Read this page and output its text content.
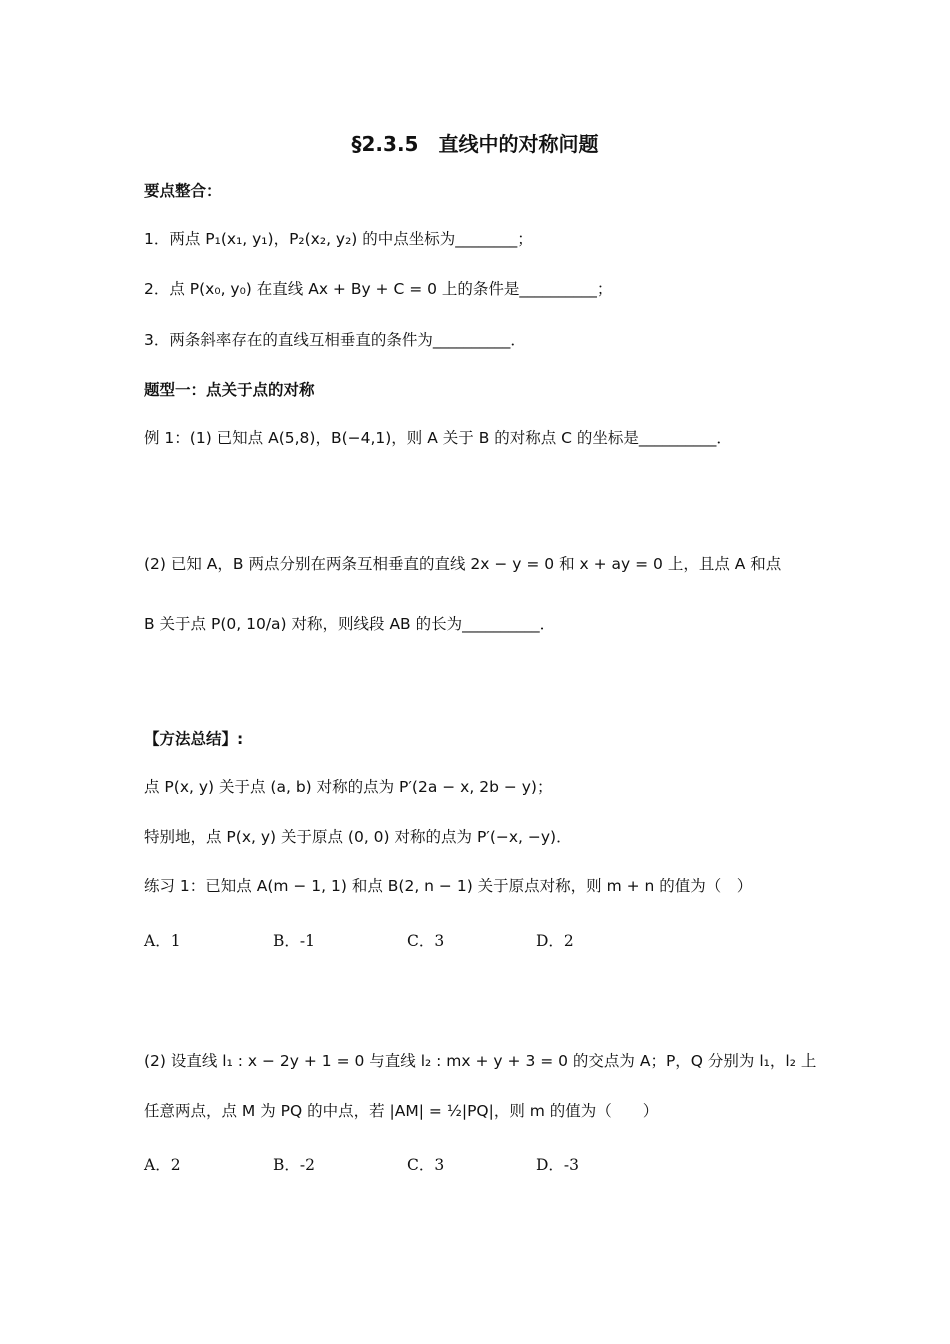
§2.3.5　直线中的对称问题
要点整合：
1．两点 P₁(x₁, y₁)，P₂(x₂, y₂) 的中点坐标为________；
2．点 P(x₀, y₀) 在直线 Ax + By + C = 0 上的条件是__________；
3．两条斜率存在的直线互相垂直的条件为__________．
题型一：点关于点的对称
例 1：(1) 已知点 A(5,8)，B(−4,1)，则 A 关于 B 的对称点 C 的坐标是__________．
(2) 已知 A，B 两点分别在两条互相垂直的直线 2x − y = 0 和 x + ay = 0 上，且点 A 和点
B 关于点 P(0, 10/a) 对称，则线段 AB 的长为__________．
【方法总结】:
点 P(x, y) 关于点 (a, b) 对称的点为 P′(2a − x, 2b − y)；
特别地，点 P(x, y) 关于原点 (0, 0) 对称的点为 P′(−x, −y)．
练习 1：已知点 A(m − 1, 1) 和点 B(2, n − 1) 关于原点对称，则 m + n 的值为（　）
A．1	B．-1	C．3	D．2
(2) 设直线 l₁ : x − 2y + 1 = 0 与直线 l₂ : mx + y + 3 = 0 的交点为 A；P，Q 分别为 l₁，l₂ 上
任意两点，点 M 为 PQ 的中点，若 |AM| = ½|PQ|，则 m 的值为（　　）
A．2	B．-2	C．3	D．-3
